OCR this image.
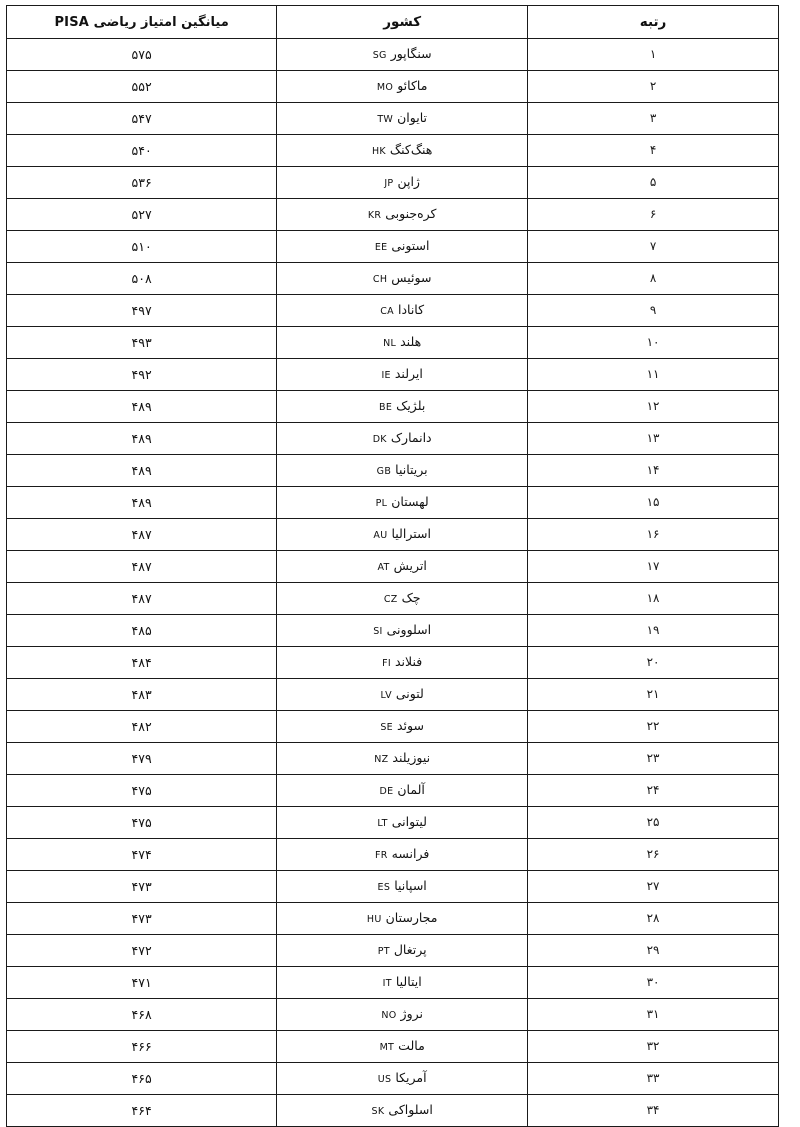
رتبه	کشور	میانگین امتیاز ریاضی PISA
۱	سنگاپورSG	۵۷۵
۲	ماکائوMO	۵۵۲
۳	تایوانTW	۵۴۷
۴	هنگ‌کنگHK	۵۴۰
۵	ژاپنJP	۵۳۶
۶	کره‌جنوبیKR	۵۲۷
۷	استونیEE	۵۱۰
۸	سوئیسCH	۵۰۸
۹	کاناداCA	۴۹۷
۱۰	هلندNL	۴۹۳
۱۱	ایرلندIE	۴۹۲
۱۲	بلژیکBE	۴۸۹
۱۳	دانمارکDK	۴۸۹
۱۴	بریتانیاGB	۴۸۹
۱۵	لهستانPL	۴۸۹
۱۶	استرالیاAU	۴۸۷
۱۷	اتریشAT	۴۸۷
۱۸	چکCZ	۴۸۷
۱۹	اسلوونیSI	۴۸۵
۲۰	فنلاندFI	۴۸۴
۲۱	لتونیLV	۴۸۳
۲۲	سوئدSE	۴۸۲
۲۳	نیوزیلندNZ	۴۷۹
۲۴	آلمانDE	۴۷۵
۲۵	لیتوانیLT	۴۷۵
۲۶	فرانسهFR	۴۷۴
۲۷	اسپانیاES	۴۷۳
۲۸	مجارستانHU	۴۷۳
۲۹	پرتغالPT	۴۷۲
۳۰	ایتالیاIT	۴۷۱
۳۱	نروژNO	۴۶۸
۳۲	مالتMT	۴۶۶
۳۳	آمریکاUS	۴۶۵
۳۴	اسلواکیSK	۴۶۴
